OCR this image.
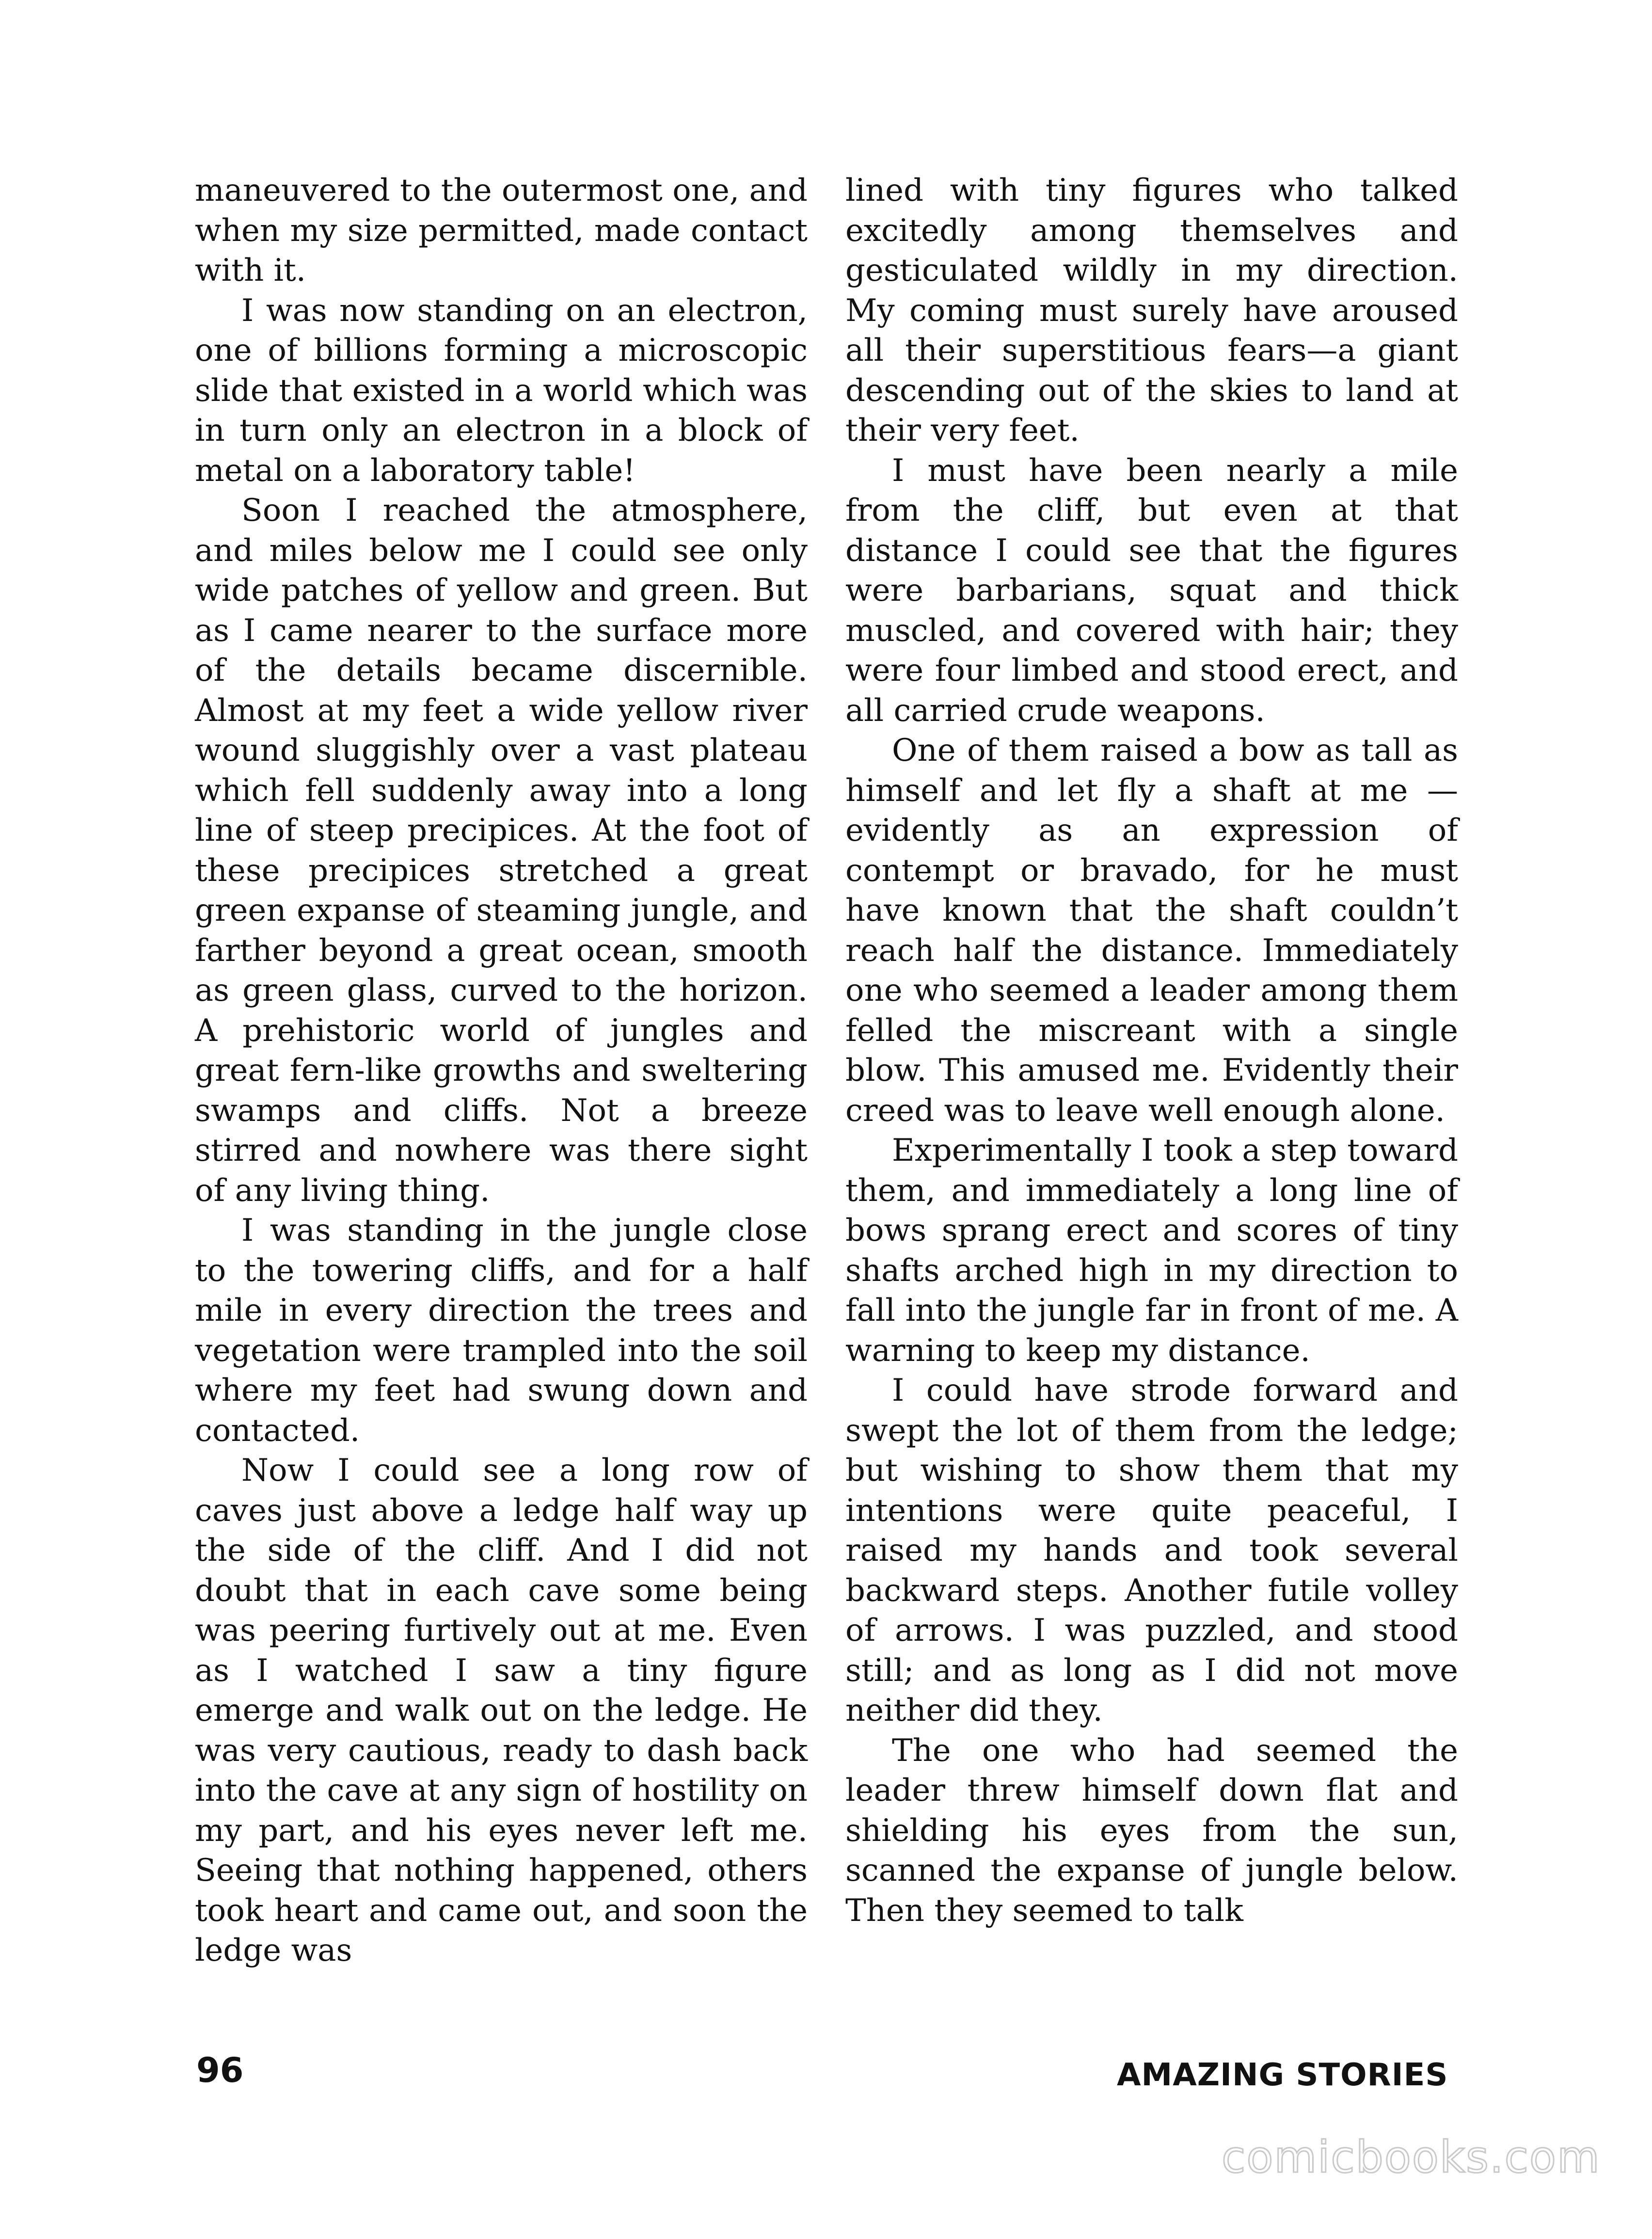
maneuvered to the outermost one, and when my size permitted, made contact with it.

I was now standing on an electron, one of billions forming a microscopic slide that existed in a world which was in turn only an electron in a block of metal on a laboratory table!

Soon I reached the atmosphere, and miles below me I could see only wide patches of yellow and green. But as I came nearer to the surface more of the details became discernible. Almost at my feet a wide yellow river wound sluggishly over a vast plateau which fell suddenly away into a long line of steep precipices. At the foot of these precipices stretched a great green expanse of steaming jungle, and farther beyond a great ocean, smooth as green glass, curved to the horizon. A prehistoric world of jungles and great fern-like growths and sweltering swamps and cliffs. Not a breeze stirred and nowhere was there sight of any living thing.

I was standing in the jungle close to the towering cliffs, and for a half mile in every direction the trees and vegetation were trampled into the soil where my feet had swung down and contacted.

Now I could see a long row of caves just above a ledge half way up the side of the cliff. And I did not doubt that in each cave some being was peering furtively out at me. Even as I watched I saw a tiny figure emerge and walk out on the ledge. He was very cautious, ready to dash back into the cave at any sign of hostility on my part, and his eyes never left me. Seeing that nothing happened, others took heart and came out, and soon the ledge was

lined with tiny figures who talked excitedly among themselves and gesticulated wildly in my direction. My coming must surely have aroused all their superstitious fears—a giant descending out of the skies to land at their very feet.

I must have been nearly a mile from the cliff, but even at that distance I could see that the figures were barbarians, squat and thick muscled, and covered with hair; they were four limbed and stood erect, and all carried crude weapons.

One of them raised a bow as tall as himself and let fly a shaft at me —evidently as an expression of contempt or bravado, for he must have known that the shaft couldn’t reach half the distance. Immediately one who seemed a leader among them felled the miscreant with a single blow. This amused me. Evidently their creed was to leave well enough alone.

Experimentally I took a step toward them, and immediately a long line of bows sprang erect and scores of tiny shafts arched high in my direction to fall into the jungle far in front of me. A warning to keep my distance.

I could have strode forward and swept the lot of them from the ledge; but wishing to show them that my intentions were quite peaceful, I raised my hands and took several backward steps. Another futile volley of arrows. I was puzzled, and stood still; and as long as I did not move neither did they.

The one who had seemed the leader threw himself down flat and shielding his eyes from the sun, scanned the expanse of jungle below. Then they seemed to talk

96	AMAZING STORIES
comicbooks.com
